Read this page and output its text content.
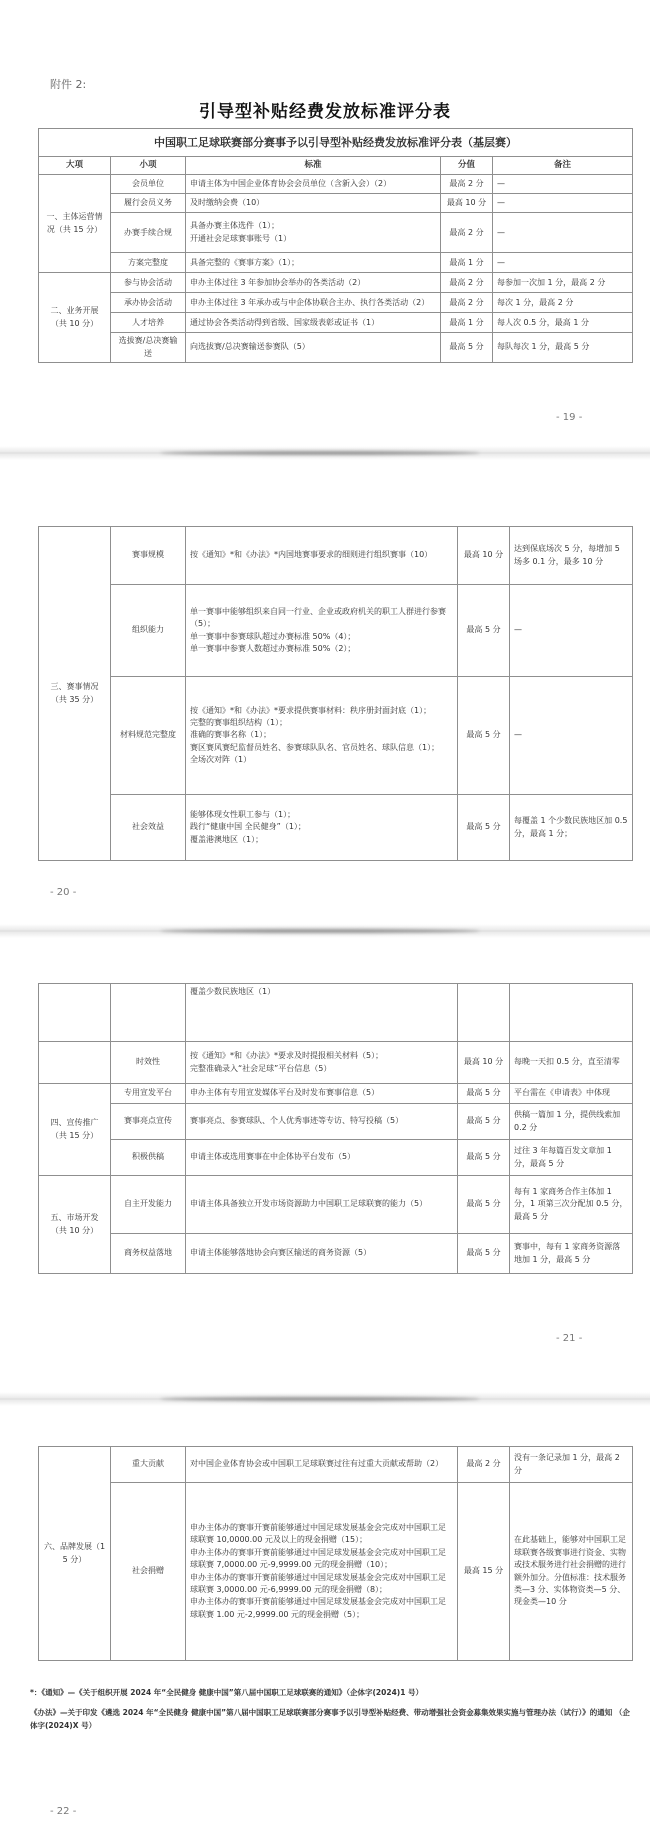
附件 2:
引导型补贴经费发放标准评分表
中国职工足球联赛部分赛事予以引导型补贴经费发放标准评分表（基层赛）				
大项	小项	标准	分值	备注
一、主体运营情况（共 15 分）	会员单位	申请主体为中国企业体育协会会员单位（含新入会）（2）	最高 2 分	—
	履行会员义务	及时缴纳会费（10）	最高 10 分	—
	办赛手续合规	具备办赛主体选件（1）；
开通社会足球赛事账号（1）	最高 2 分	—
	方案完整度	具备完整的《赛事方案》（1）；	最高 1 分	—
二、业务开展（共 10 分）	参与协会活动	申办主体过往 3 年参加协会举办的各类活动（2）	最高 2 分	每参加一次加 1 分，最高 2 分
	承办协会活动	申办主体过往 3 年承办或与中企体协联合主办、执行各类活动（2）	最高 2 分	每次 1 分，最高 2 分
	人才培养	通过协会各类活动得到省级、国家级表彰或证书（1）	最高 1 分	每人次 0.5 分，最高 1 分
	选拔赛/总决赛输送	向选拔赛/总决赛输送参赛队（5）	最高 5 分	每队每次 1 分，最高 5 分
- 19 -
三、赛事情况（共 35 分）	赛事规模	按《通知》*和《办法》*内国地赛事要求的细则进行组织赛事（10）	最高 10 分	达到保底场次 5 分，每增加 5 场多 0.1 分，最多 10 分
	组织能力	单一赛事中能够组织来自同一行业、企业或政府机关的职工人群进行参赛（5）；
单一赛事中参赛球队超过办赛标准 50%（4）；
单一赛事中参赛人数超过办赛标准 50%（2）；	最高 5 分	—
	材料规范完整度	按《通知》*和《办法》*要求提供赛事材料：秩序册封面封底（1）；
完整的赛事组织结构（1）；
准确的赛事名称（1）；
赛区赛风赛纪监督员姓名、参赛球队队名、官员姓名、球队信息（1）；
全场次对阵（1）	最高 5 分	—
	社会效益	能够体现女性职工参与（1）；
践行“健康中国 全民健身”（1）；
覆盖港澳地区（1）；	最高 5 分	每覆盖 1 个少数民族地区加 0.5 分，最高 1 分；
- 20 -

		覆盖少数民族地区（1）		

	时效性	按《通知》*和《办法》*要求及时提报相关材料（5）；
完整准确录入“社会足球”平台信息（5）	最高 10 分	每晚一天扣 0.5 分，直至清零
四、宣传推广（共 15 分）	专用宣发平台	申办主体有专用宣发媒体平台及时发布赛事信息（5）	最高 5 分	平台需在《申请表》中体现
	赛事亮点宣传	赛事亮点、参赛球队、个人优秀事迹等专访、特写投稿（5）	最高 5 分	供稿一篇加 1 分，提供线索加 0.2 分
	积极供稿	申请主体或选用赛事在中企体协平台发布（5）	最高 5 分	过往 3 年每篇百发文章加 1 分，最高 5 分
五、市场开发（共 10 分）	自主开发能力	申请主体具备独立开发市场资源助力中国职工足球联赛的能力（5）	最高 5 分	每有 1 家商务合作主体加 1 分，1 项第三次分配加 0.5 分，最高 5 分
	商务权益落地	申请主体能够落地协会向赛区输送的商务资源（5）	最高 5 分	赛事中，每有 1 家商务资源落地加 1 分，最高 5 分
- 21 -
六、品牌发展（15 分）	重大贡献	对中国企业体育协会或中国职工足球联赛过往有过重大贡献或帮助（2）	最高 2 分	没有一条记录加 1 分，最高 2 分
	社会捐赠	申办主体办的赛事开赛前能够通过中国足球发展基金会完成对中国职工足球联赛 10,0000.00 元及以上的现金捐赠（15）；
申办主体办的赛事开赛前能够通过中国足球发展基金会完成对中国职工足球联赛 7,0000.00 元-9,9999.00 元的现金捐赠（10）；
申办主体办的赛事开赛前能够通过中国足球发展基金会完成对中国职工足球联赛 3,0000.00 元-6,9999.00 元的现金捐赠（8）；
申办主体办的赛事开赛前能够通过中国足球发展基金会完成对中国职工足球联赛 1.00 元-2,9999.00 元的现金捐赠（5）；	最高 15 分	在此基础上，能够对中国职工足球联赛各级赛事进行资金、实物或技术服务进行社会捐赠的进行额外加分。分值标准：技术服务类—3 分、实体物资类—5 分、现金类—10 分
*：《通知》—《关于组织开展 2024 年“全民健身 健康中国”第八届中国职工足球联赛的通知》（企体字(2024)1 号）
《办法》—关于印发《遴选 2024 年“全民健身 健康中国”第八届中国职工足球联赛部分赛事予以引导型补贴经费、带动增强社会资金募集效果实施与管理办法（试行）》的通知 （企体字(2024)X 号）
- 22 -
